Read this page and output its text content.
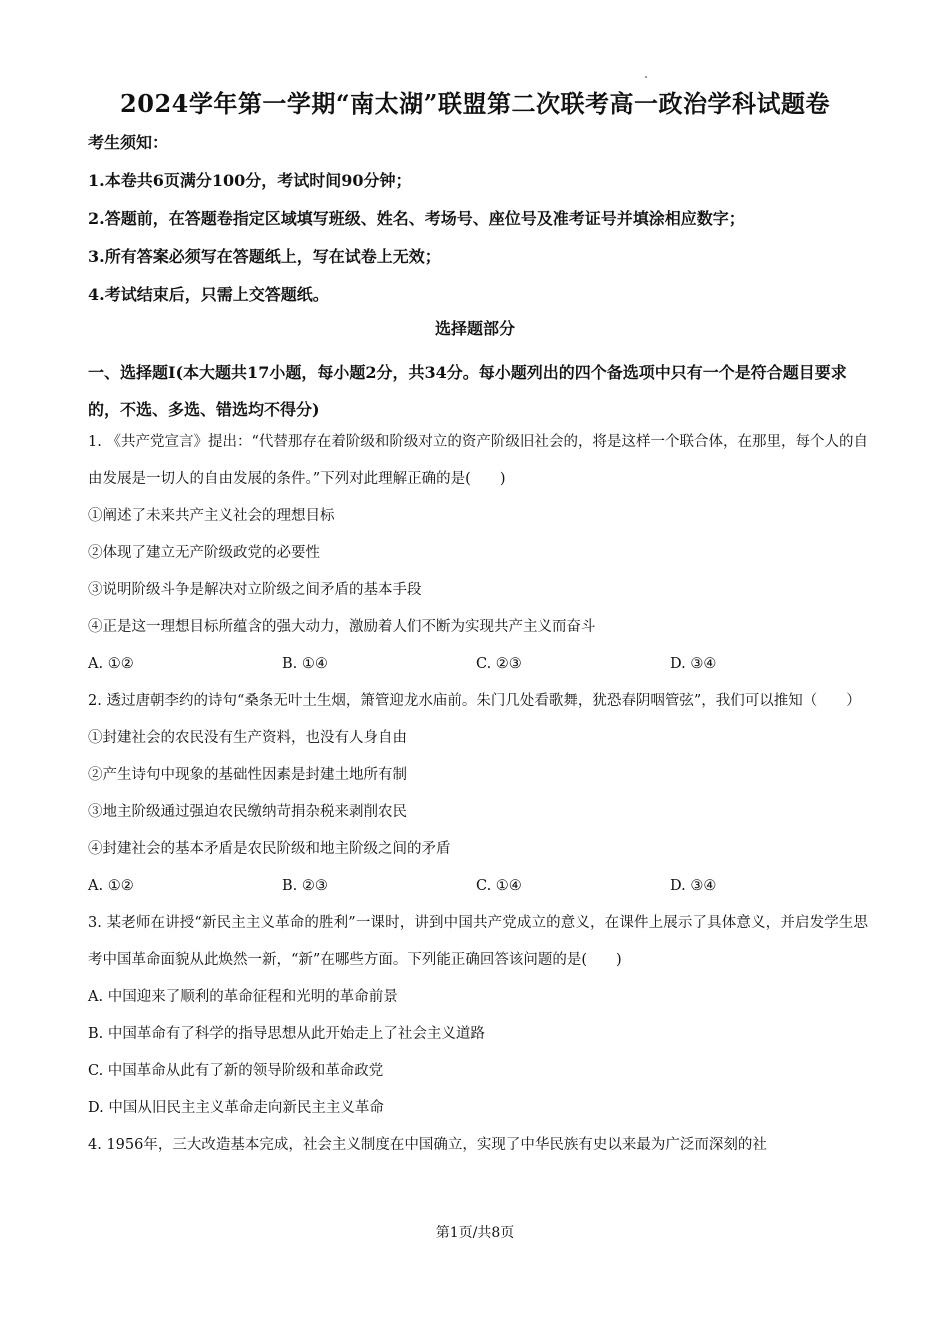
2024学年第一学期“南太湖”联盟第二次联考高一政治学科试题卷
考生须知：
1.本卷共6页满分100分，考试时间90分钟；
2.答题前，在答题卷指定区域填写班级、姓名、考场号、座位号及准考证号并填涂相应数字；
3.所有答案必须写在答题纸上，写在试卷上无效；
4.考试结束后，只需上交答题纸。
选择题部分
一、选择题Ⅰ(本大题共17小题，每小题2分，共34分。每小题列出的四个备选项中只有一个是符合题目要求的，不选、多选、错选均不得分)
1. 《共产党宣言》提出：“代替那存在着阶级和阶级对立的资产阶级旧社会的，将是这样一个联合体，在那里，每个人的自由发展是一切人的自由发展的条件。”下列对此理解正确的是(　　)
①阐述了未来共产主义社会的理想目标
②体现了建立无产阶级政党的必要性
③说明阶级斗争是解决对立阶级之间矛盾的基本手段
④正是这一理想目标所蕴含的强大动力，激励着人们不断为实现共产主义而奋斗
A. ①②	B. ①④	C. ②③	D. ③④
2. 透过唐朝李约的诗句“桑条无叶土生烟，箫管迎龙水庙前。朱门几处看歌舞，犹恐春阴咽管弦”，我们可以推知（　　）
①封建社会的农民没有生产资料，也没有人身自由
②产生诗句中现象的基础性因素是封建土地所有制
③地主阶级通过强迫农民缴纳苛捐杂税来剥削农民
④封建社会的基本矛盾是农民阶级和地主阶级之间的矛盾
A. ①②	B. ②③	C. ①④	D. ③④
3. 某老师在讲授“新民主主义革命的胜利”一课时，讲到中国共产党成立的意义，在课件上展示了具体意义，并启发学生思考中国革命面貌从此焕然一新，“新”在哪些方面。下列能正确回答该问题的是(　　)
A. 中国迎来了顺利的革命征程和光明的革命前景
B. 中国革命有了科学的指导思想从此开始走上了社会主义道路
C. 中国革命从此有了新的领导阶级和革命政党
D. 中国从旧民主主义革命走向新民主主义革命
4. 1956年，三大改造基本完成，社会主义制度在中国确立，实现了中华民族有史以来最为广泛而深刻的社
第1页/共8页
